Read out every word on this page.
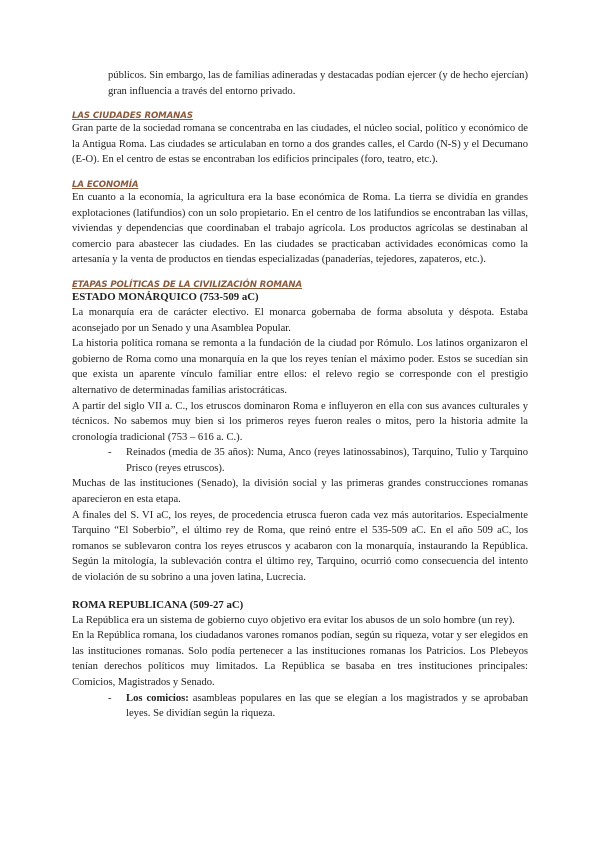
públicos. Sin embargo, las de familias adineradas y destacadas podían ejercer (y de hecho ejercían) gran influencia a través del entorno privado.

LAS CIUDADES ROMANAS

Gran parte de la sociedad romana se concentraba en las ciudades, el núcleo social, político y económico de la Antigua Roma. Las ciudades se articulaban en torno a dos grandes calles, el Cardo (N-S) y el Decumano (E-O). En el centro de estas se encontraban los edificios principales (foro, teatro, etc.).

LA ECONOMÍA

En cuanto a la economía, la agricultura era la base económica de Roma. La tierra se dividía en grandes explotaciones (latifundios) con un solo propietario. En el centro de los latifundios se encontraban las villas, viviendas y dependencias que coordinaban el trabajo agrícola. Los productos agrícolas se destinaban al comercio para abastecer las ciudades. En las ciudades se practicaban actividades económicas como la artesanía y la venta de productos en tiendas especializadas (panaderías, tejedores, zapateros, etc.).

ETAPAS POLÍTICAS DE LA CIVILIZACIÓN ROMANA
ESTADO MONÁRQUICO (753-509 aC)

La monarquía era de carácter electivo. El monarca gobernaba de forma absoluta y déspota. Estaba aconsejado por un Senado y una Asamblea Popular.

La historia política romana se remonta a la fundación de la ciudad por Rómulo. Los latinos organizaron el gobierno de Roma como una monarquía en la que los reyes tenían el máximo poder. Estos se sucedían sin que exista un aparente vínculo familiar entre ellos: el relevo regio se corresponde con el prestigio alternativo de determinadas familias aristocráticas.

A partir del siglo VII a. C., los etruscos dominaron Roma e influyeron en ella con sus avances culturales y técnicos. No sabemos muy bien si los primeros reyes fueron reales o mitos, pero la historia admite la cronología tradicional (753 – 616 a. C.).

- Reinados (media de 35 años): Numa, Anco (reyes latinossabinos), Tarquino, Tulio y Tarquino Prisco (reyes etruscos).

Muchas de las instituciones (Senado), la división social y las primeras grandes construcciones romanas aparecieron en esta etapa.

A finales del S. VI aC, los reyes, de procedencia etrusca fueron cada vez más autoritarios. Especialmente Tarquino “El Soberbio”, el último rey de Roma, que reinó entre el 535-509 aC. En el año 509 aC, los romanos se sublevaron contra los reyes etruscos y acabaron con la monarquía, instaurando la República. Según la mitología, la sublevación contra el último rey, Tarquino, ocurrió como consecuencia del intento de violación de su sobrino a una joven latina, Lucrecia.

ROMA REPUBLICANA (509-27 aC)

La República era un sistema de gobierno cuyo objetivo era evitar los abusos de un solo hombre (un rey).

En la República romana, los ciudadanos varones romanos podían, según su riqueza, votar y ser elegidos en las instituciones romanas. Solo podía pertenecer a las instituciones romanas los Patricios. Los Plebeyos tenían derechos políticos muy limitados. La República se basaba en tres instituciones principales: Comicios, Magistrados y Senado.

- Los comicios: asambleas populares en las que se elegían a los magistrados y se aprobaban leyes. Se dividían según la riqueza.
